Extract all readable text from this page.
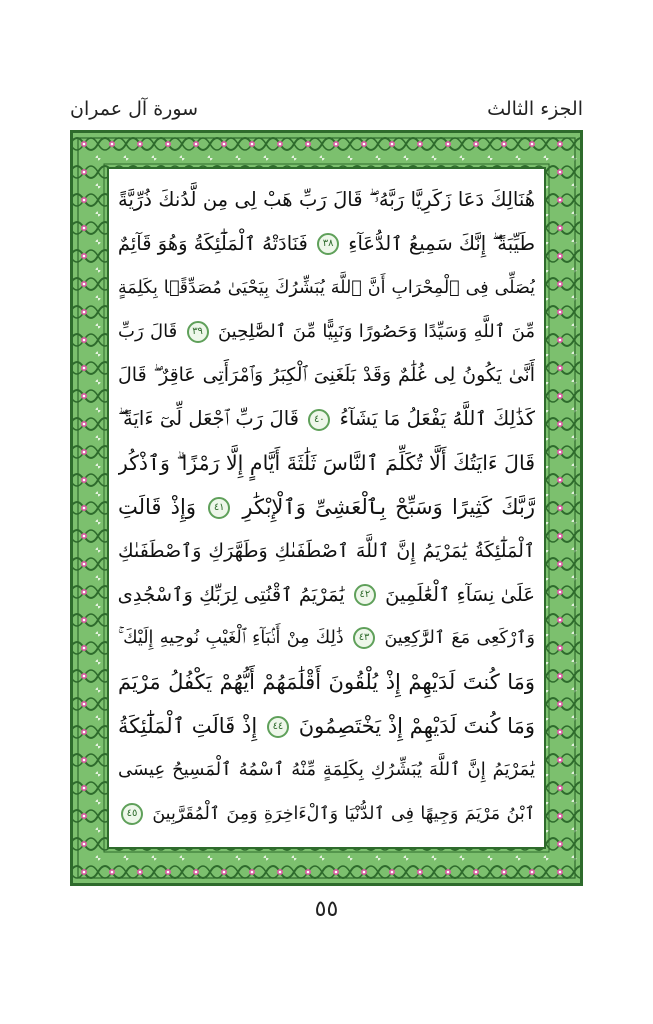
الجزء الثالث
سورة آل عمران
هُنَالِكَ دَعَا زَكَرِيَّا رَبَّهُۥ ۖ قَالَ رَبِّ هَبْ لِى مِن لَّدُنكَ ذُرِّيَّةً
طَيِّبَةً ۖ إِنَّكَ سَمِيعُ ٱلدُّعَآءِ ٣٨ فَنَادَتْهُ ٱلْمَلَٰٓئِكَةُ وَهُوَ قَآئِمٌ
يُصَلِّى فِى ٱلْمِحْرَابِ أَنَّ ٱللَّهَ يُبَشِّرُكَ بِيَحْيَىٰ مُصَدِّقًۢا بِكَلِمَةٍ
مِّنَ ٱللَّهِ وَسَيِّدًا وَحَصُورًا وَنَبِيًّا مِّنَ ٱلصَّٰلِحِينَ ٣٩ قَالَ رَبِّ
أَنَّىٰ يَكُونُ لِى غُلَٰمٌ وَقَدْ بَلَغَنِىَ ٱلْكِبَرُ وَٱمْرَأَتِى عَاقِرٌ ۖ قَالَ
كَذَٰلِكَ ٱللَّهُ يَفْعَلُ مَا يَشَآءُ ٤٠ قَالَ رَبِّ ٱجْعَل لِّىٓ ءَايَةً ۖ
قَالَ ءَايَتُكَ أَلَّا تُكَلِّمَ ٱلنَّاسَ ثَلَٰثَةَ أَيَّامٍ إِلَّا رَمْزًا ۗ وَٱذْكُر
رَّبَّكَ كَثِيرًا وَسَبِّحْ بِٱلْعَشِىِّ وَٱلْإِبْكَٰرِ ٤١ وَإِذْ قَالَتِ
ٱلْمَلَٰٓئِكَةُ يَٰمَرْيَمُ إِنَّ ٱللَّهَ ٱصْطَفَىٰكِ وَطَهَّرَكِ وَٱصْطَفَىٰكِ
عَلَىٰ نِسَآءِ ٱلْعَٰلَمِينَ ٤٢ يَٰمَرْيَمُ ٱقْنُتِى لِرَبِّكِ وَٱسْجُدِى
وَٱرْكَعِى مَعَ ٱلرَّٰكِعِينَ ٤٣ ذَٰلِكَ مِنْ أَنۢبَآءِ ٱلْغَيْبِ نُوحِيهِ إِلَيْكَ ۚ
وَمَا كُنتَ لَدَيْهِمْ إِذْ يُلْقُونَ أَقْلَٰمَهُمْ أَيُّهُمْ يَكْفُلُ مَرْيَمَ
وَمَا كُنتَ لَدَيْهِمْ إِذْ يَخْتَصِمُونَ ٤٤ إِذْ قَالَتِ ٱلْمَلَٰٓئِكَةُ
يَٰمَرْيَمُ إِنَّ ٱللَّهَ يُبَشِّرُكِ بِكَلِمَةٍ مِّنْهُ ٱسْمُهُ ٱلْمَسِيحُ عِيسَى
ٱبْنُ مَرْيَمَ وَجِيهًا فِى ٱلدُّنْيَا وَٱلْءَاخِرَةِ وَمِنَ ٱلْمُقَرَّبِينَ ٤٥
٥٥
